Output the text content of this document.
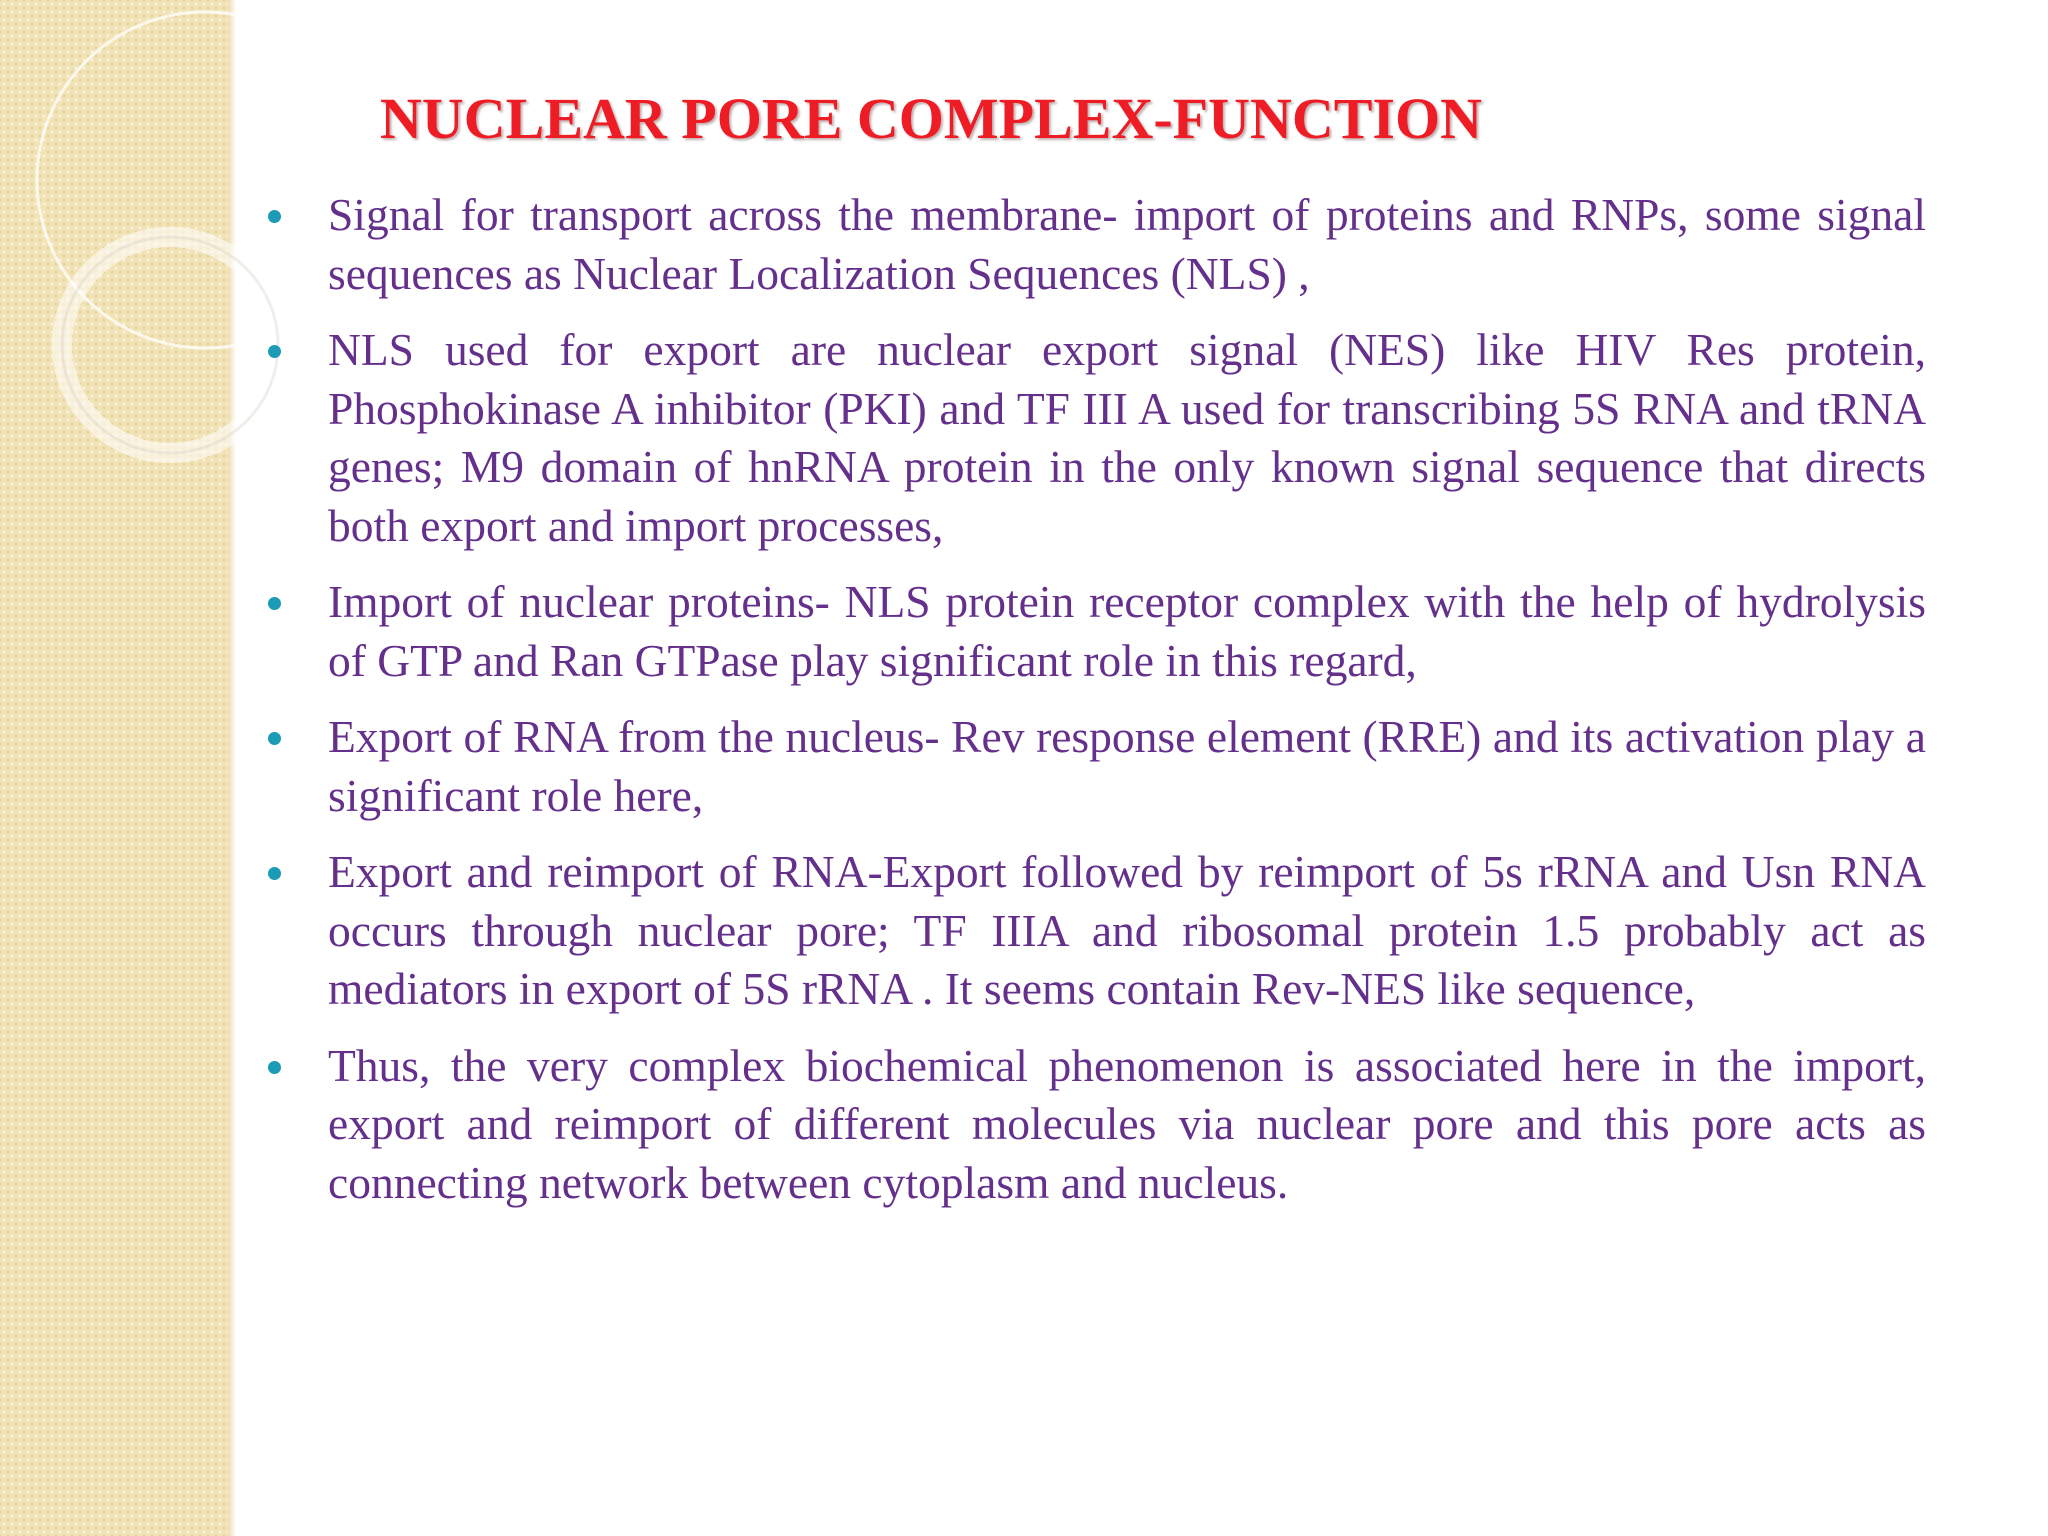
NUCLEAR PORE COMPLEX-FUNCTION
Signal for transport across the membrane- import of proteins and RNPs, some signal sequences as Nuclear Localization Sequences (NLS) ,
NLS used for export are nuclear export signal (NES) like HIV Res protein, Phosphokinase A inhibitor (PKI) and TF III A used for transcribing 5S RNA and tRNA genes; M9 domain of hnRNA protein in the only known signal sequence that directs both export and import processes,
Import of nuclear proteins- NLS protein receptor complex with the help of hydrolysis of GTP and Ran GTPase play significant role in this regard,
Export of RNA from the nucleus- Rev response element (RRE) and its activation play a significant role here,
Export and reimport of RNA-Export followed by reimport of 5s rRNA and Usn RNA occurs through nuclear pore; TF IIIA and ribosomal protein 1.5 probably act as mediators in export of 5S rRNA . It seems contain Rev-NES like sequence,
Thus, the very complex biochemical phenomenon is associated here in the import, export and reimport of different molecules via nuclear pore and this pore acts as connecting network between cytoplasm and nucleus.
